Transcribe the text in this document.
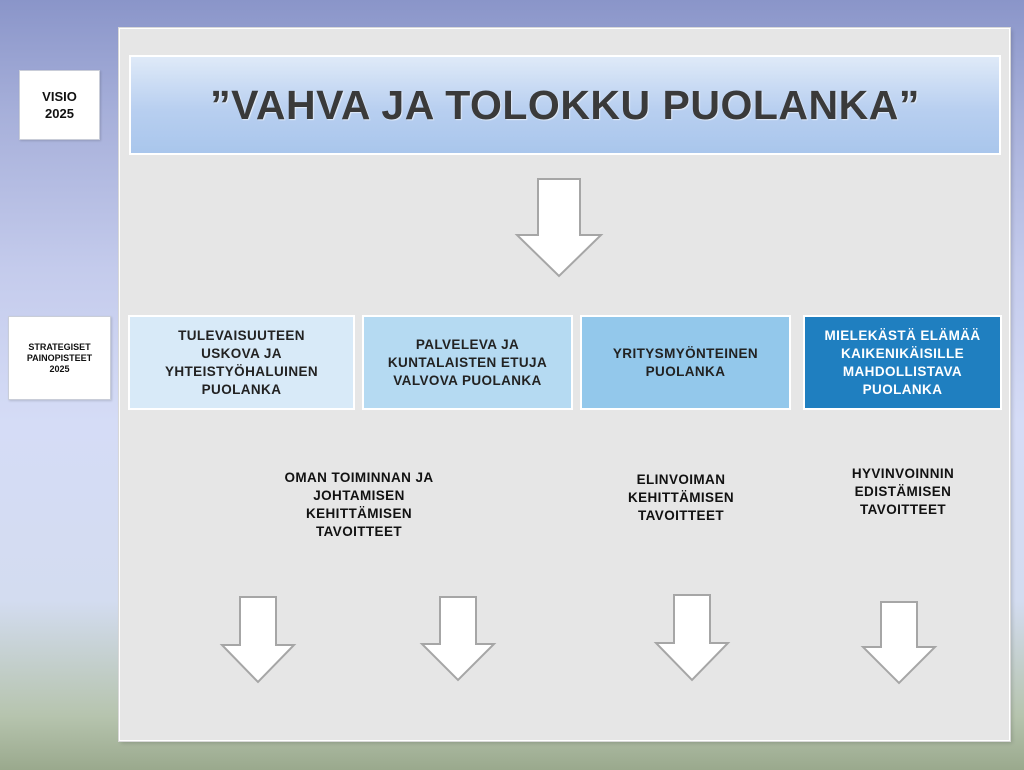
VISIO
2025
STRATEGISET
PAINOPISTEET
2025
”VAHVA JA TOLOKKU PUOLANKA”
TULEVAISUUTEEN
USKOVA JA
YHTEISTYÖHALUINEN
PUOLANKA
PALVELEVA JA
KUNTALAISTEN ETUJA
VALVOVA PUOLANKA
YRITYSMYÖNTEINEN
PUOLANKA
MIELEKÄSTÄ ELÄMÄÄ
KAIKENIKÄISILLE
MAHDOLLISTAVA
PUOLANKA
OMAN TOIMINNAN JA
JOHTAMISEN
KEHITTÄMISEN
TAVOITTEET
ELINVOIMAN
KEHITTÄMISEN
TAVOITTEET
HYVINVOINNIN
EDISTÄMISEN
TAVOITTEET
